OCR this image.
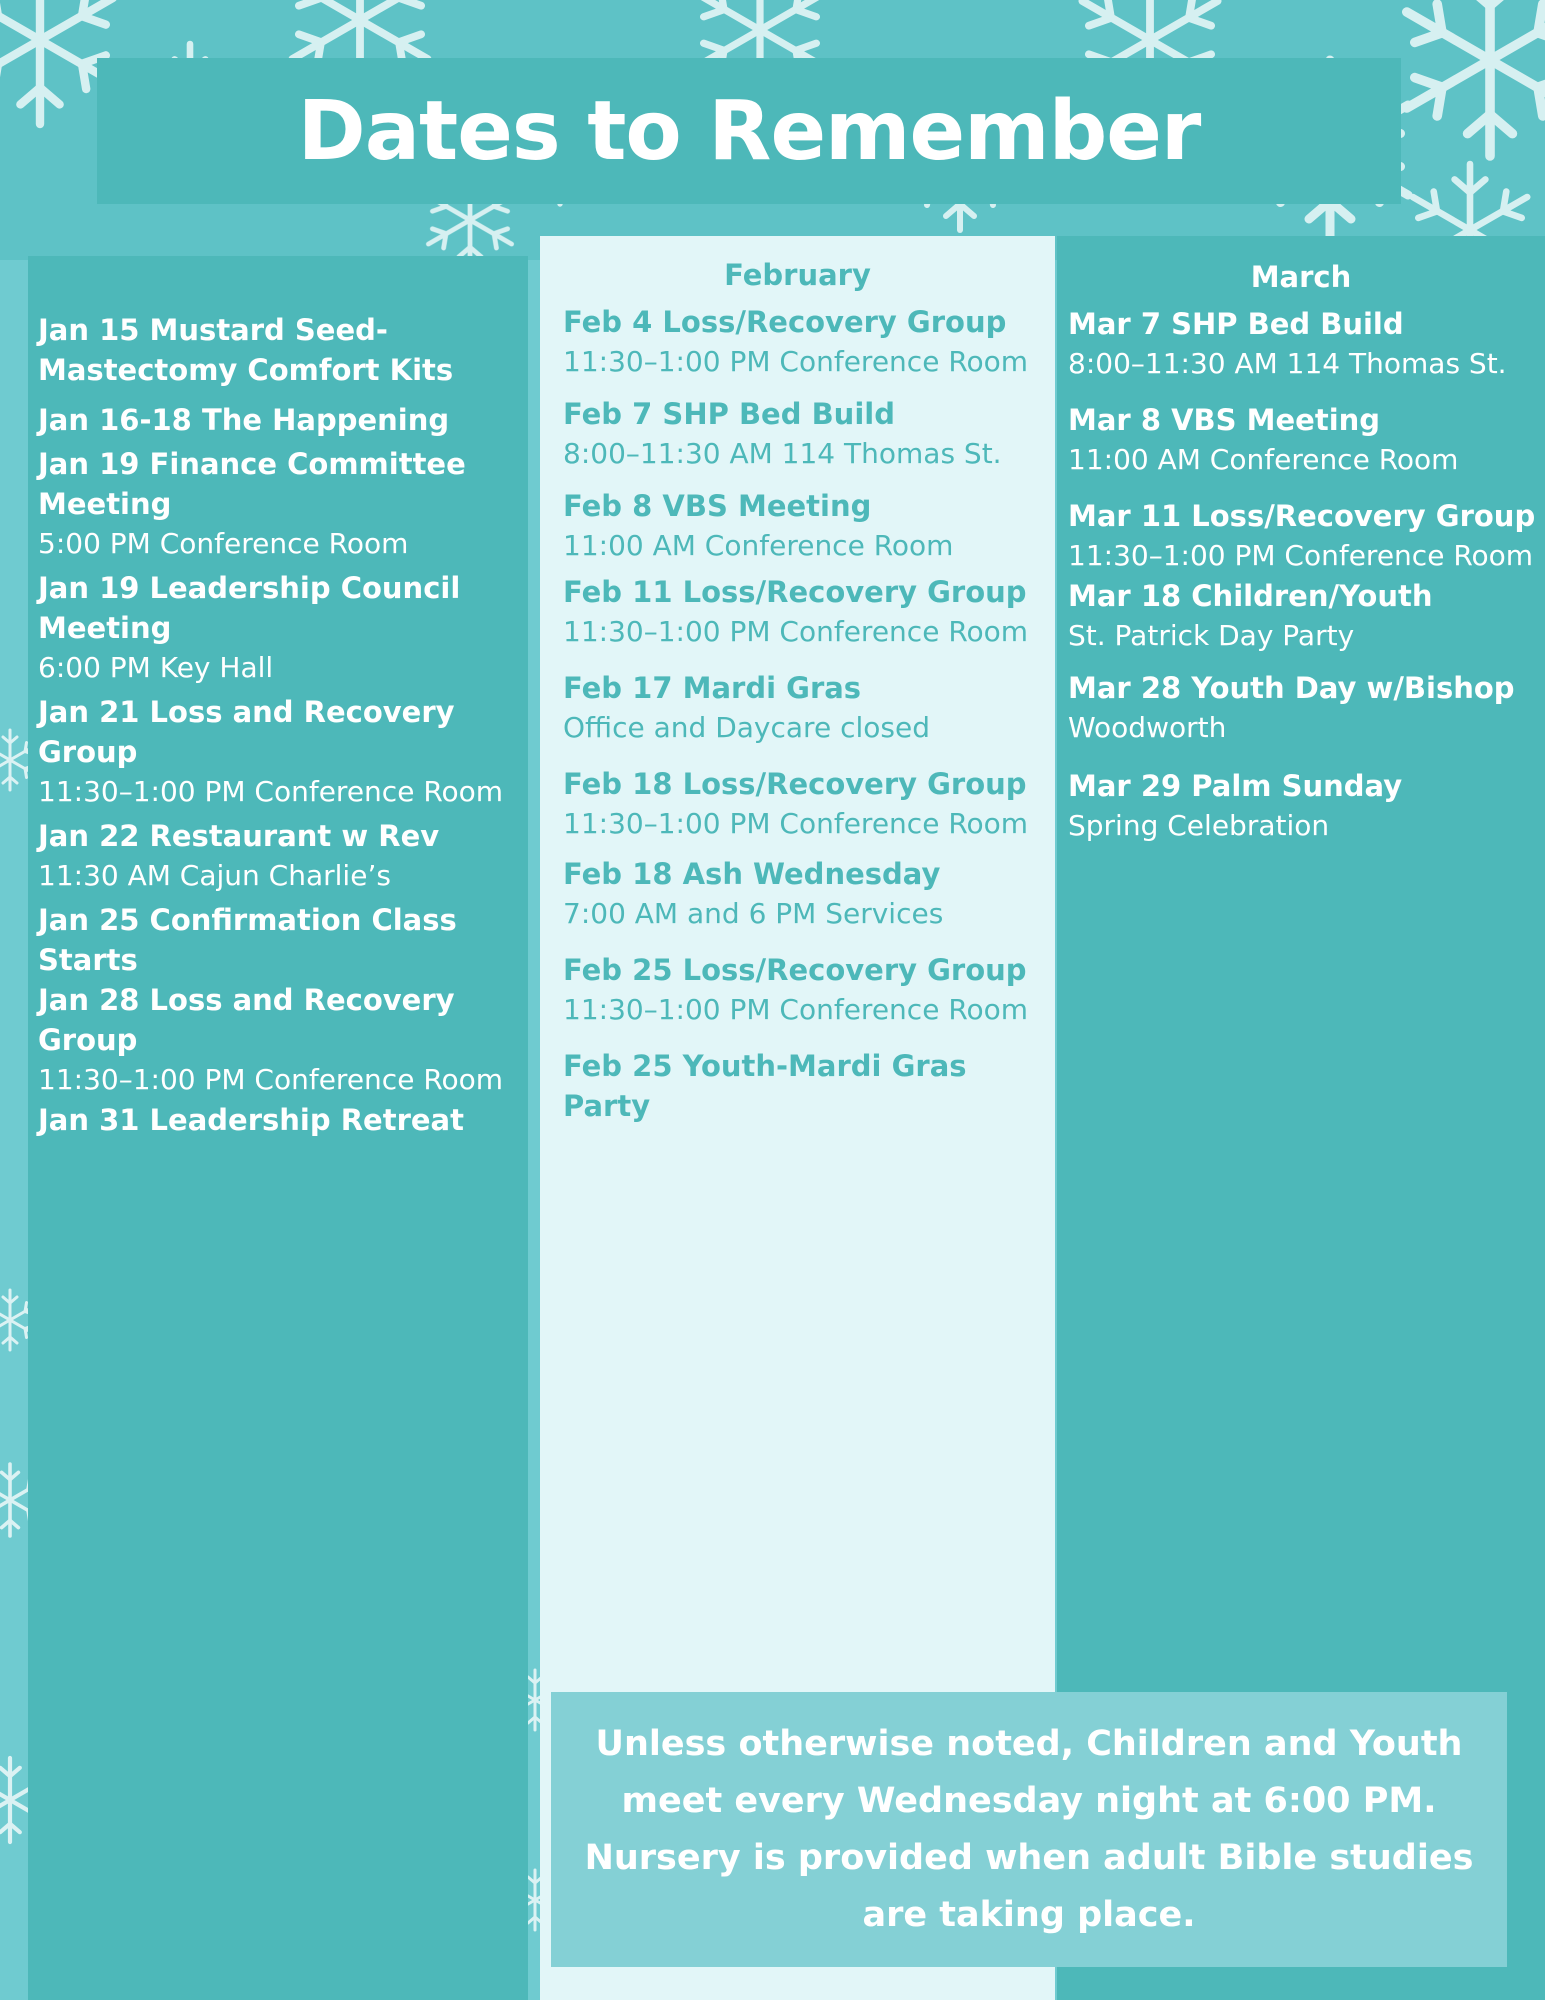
Dates to Remember
Jan 15 Mustard Seed-
Mastectomy Comfort Kits
Jan 16-18 The Happening
Jan 19 Finance Committee
Meeting
5:00 PM Conference Room
Jan 19 Leadership Council
Meeting
6:00 PM Key Hall
Jan 21 Loss and Recovery
Group
11:30–1:00 PM Conference Room
Jan 22 Restaurant w Rev
11:30 AM Cajun Charlie’s
Jan 25 Confirmation Class
Starts
Jan 28 Loss and Recovery
Group
11:30–1:00 PM Conference Room
Jan 31 Leadership Retreat
February
Feb 4 Loss/Recovery Group
11:30–1:00 PM Conference Room
Feb 7 SHP Bed Build
8:00–11:30 AM 114 Thomas St.
Feb 8 VBS Meeting
11:00 AM Conference Room
Feb 11 Loss/Recovery Group
11:30–1:00 PM Conference Room
Feb 17 Mardi Gras
Office and Daycare closed
Feb 18 Loss/Recovery Group
11:30–1:00 PM Conference Room
Feb 18 Ash Wednesday
7:00 AM and 6 PM Services
Feb 25 Loss/Recovery Group
11:30–1:00 PM Conference Room
Feb 25 Youth-Mardi Gras
Party
March
Mar 7 SHP Bed Build
8:00–11:30 AM 114 Thomas St.
Mar 8 VBS Meeting
11:00 AM Conference Room
Mar 11 Loss/Recovery Group
11:30–1:00 PM Conference Room
Mar 18 Children/Youth
St. Patrick Day Party
Mar 28 Youth Day w/Bishop
Woodworth
Mar 29 Palm Sunday
Spring Celebration

Unless otherwise noted, Children and Youth meet every Wednesday night at 6:00 PM. Nursery is provided when adult Bible studies are taking place.
